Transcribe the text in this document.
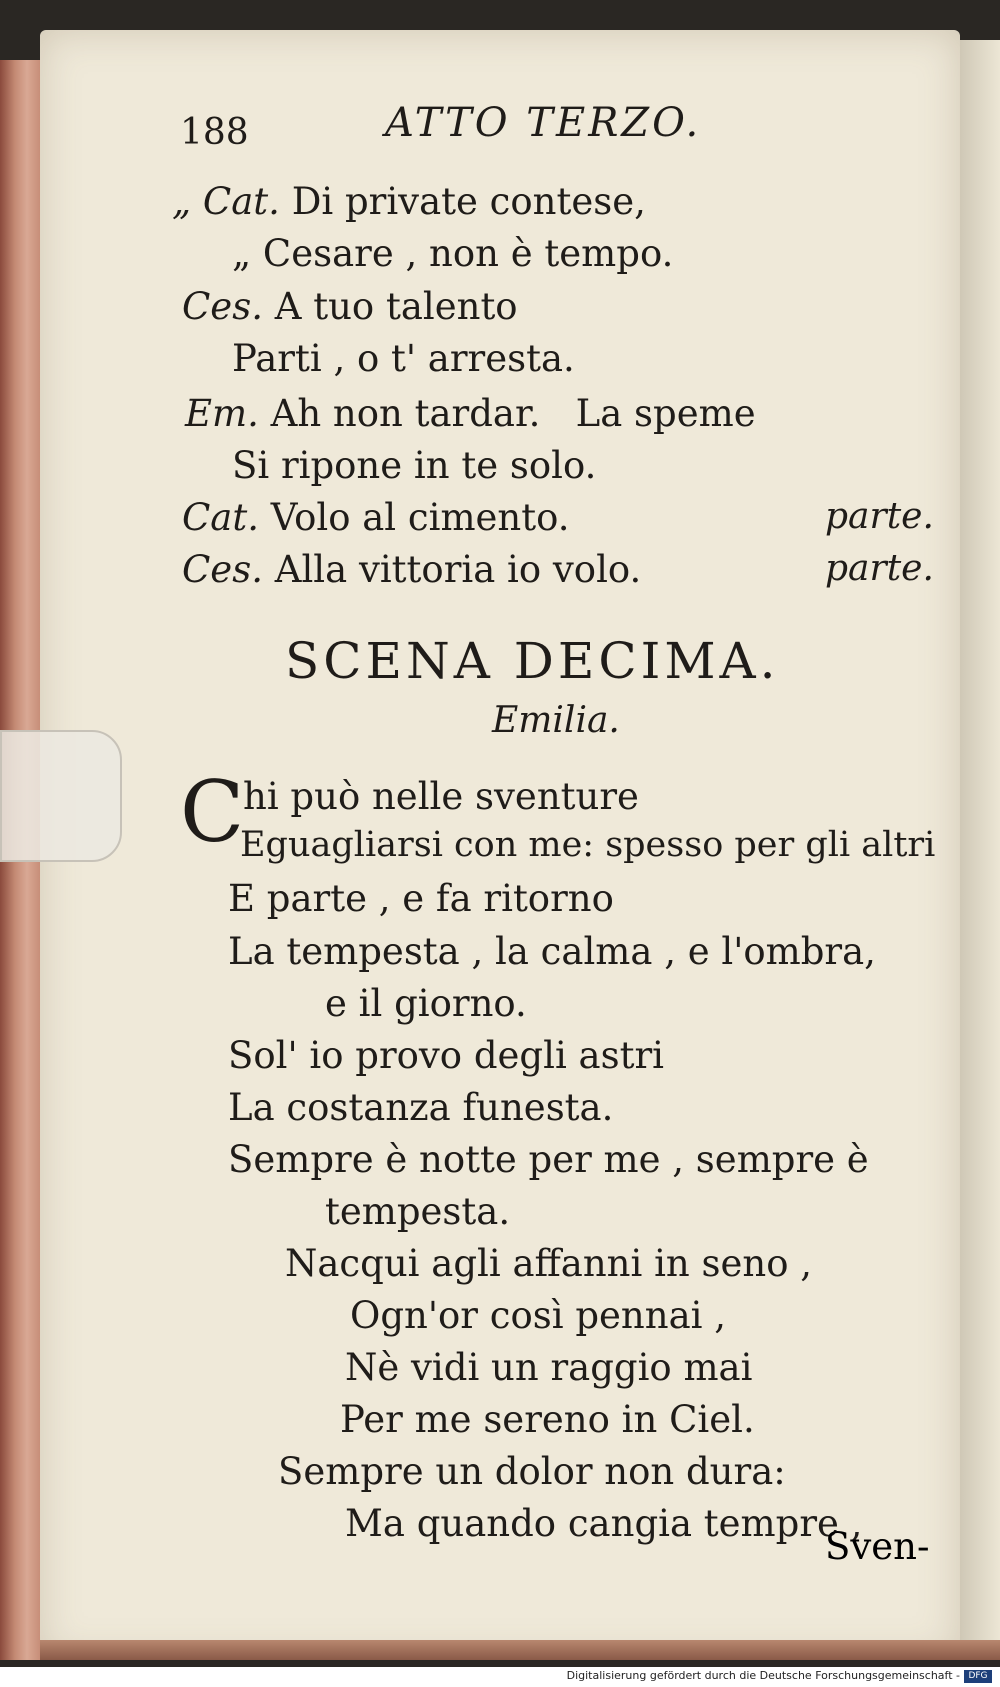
188	ATTO TERZO.
„ Cat. Di private contese,
„ Cesare , non è tempo.
Ces. A tuo talento
Parti , o t' arresta.
Em. Ah non tardar.   La speme
Si ripone in te solo.
Cat. Volo al cimento.	parte.
Ces. Alla vittoria io volo.	parte.
SCENA DECIMA.
Emilia.
C
hi può nelle sventure
Eguagliarsi con me: spesso per gli altri
E parte , e fa ritorno
La tempesta , la calma , e l'ombra,
e il giorno.
Sol' io provo degli astri
La costanza funesta.
Sempre è notte per me , sempre è
tempesta.
Nacqui agli affanni in seno ,
Ogn'or così pennai ,
Nè vidi un raggio mai
Per me sereno in Ciel.
Sempre un dolor non dura:
Ma quando cangia tempre ,
Sven-
Digitalisierung gefördert durch die Deutsche Forschungsgemeinschaft - DFG
